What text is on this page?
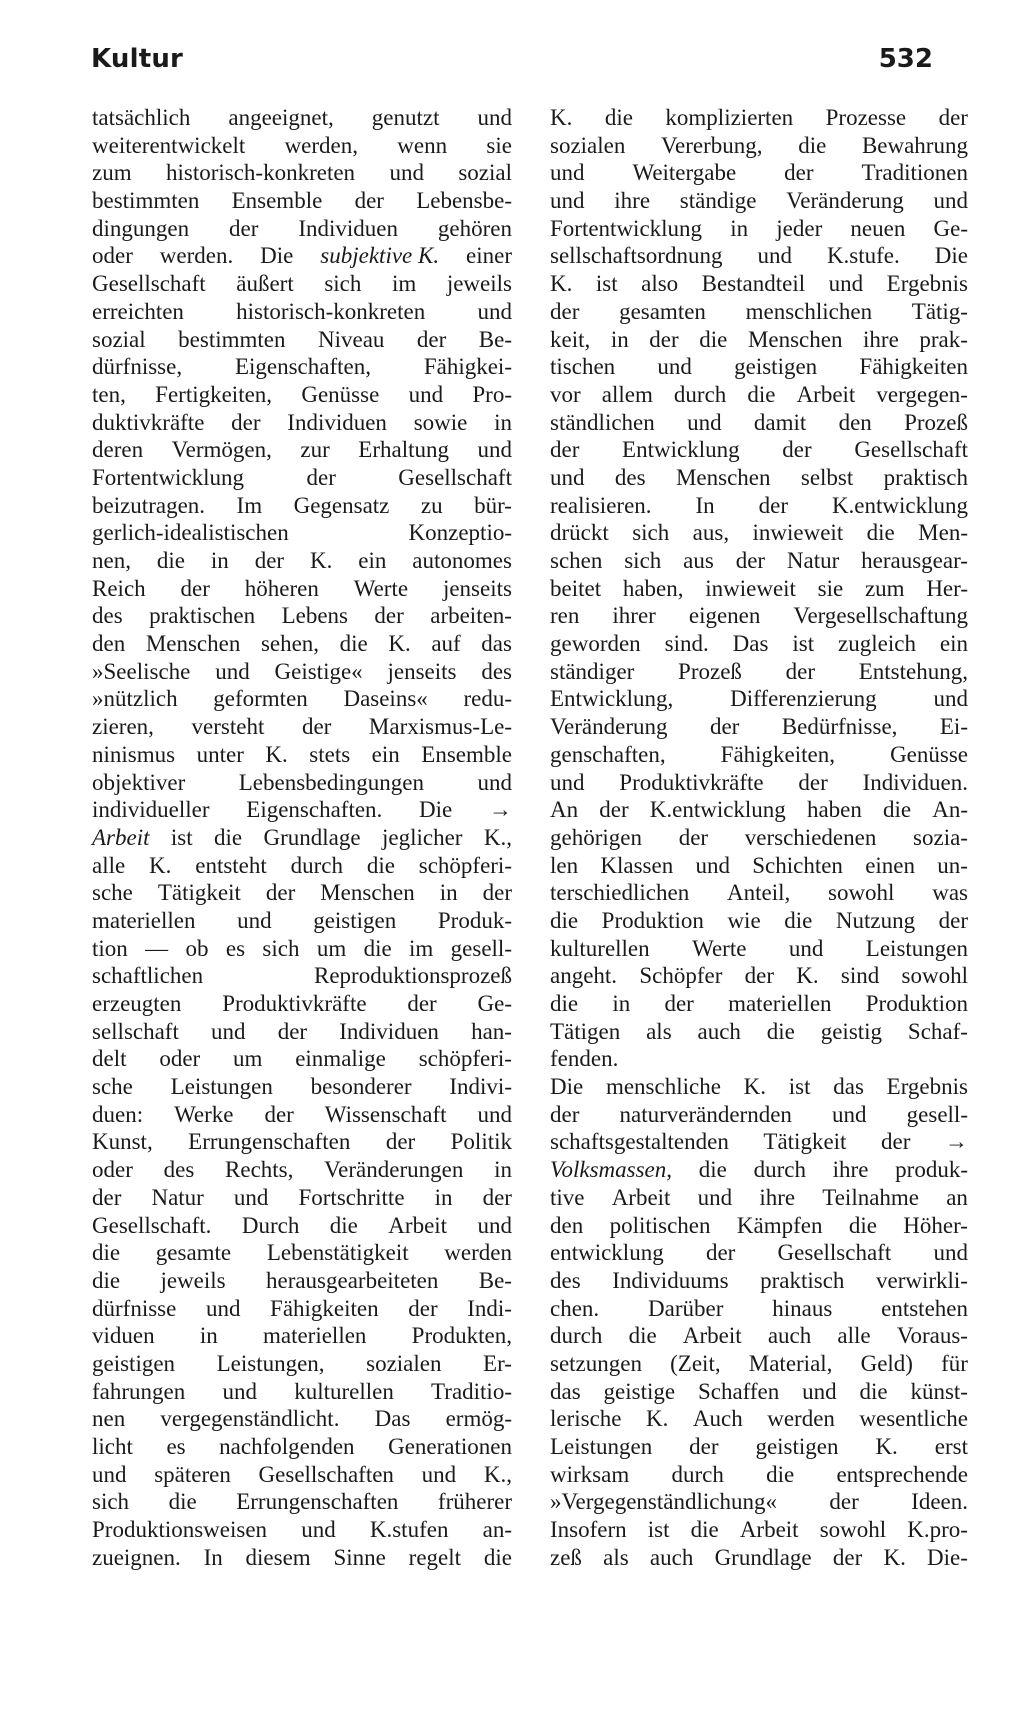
Kultur	532
tatsächlich angeeignet, genutzt und
weiterentwickelt werden, wenn sie
zum historisch-konkreten und sozial
bestimmten Ensemble der Lebensbe-
dingungen der Individuen gehören
oder werden. Die subjektive K. einer
Gesellschaft äußert sich im jeweils
erreichten historisch-konkreten und
sozial bestimmten Niveau der Be-
dürfnisse, Eigenschaften, Fähigkei-
ten, Fertigkeiten, Genüsse und Pro-
duktivkräfte der Individuen sowie in
deren Vermögen, zur Erhaltung und
Fortentwicklung	der	Gesellschaft
beizutragen. Im Gegensatz zu bür-
gerlich-idealistischen	Konzeptio-
nen, die in der K. ein autonomes
Reich der höheren Werte jenseits
des praktischen Lebens der arbeiten-
den Menschen sehen, die K. auf das
»Seelische und Geistige« jenseits des
»nützlich geformten Daseins« redu-
zieren, versteht der Marxismus-Le-
ninismus unter K. stets ein Ensemble
objektiver Lebensbedingungen und
individueller Eigenschaften. Die →
Arbeit ist die Grundlage jeglicher K.,
alle K. entsteht durch die schöpferi-
sche Tätigkeit der Menschen in der
materiellen und geistigen Produk-
tion — ob es sich um die im gesell-
schaftlichen	Reproduktionsprozeß
erzeugten Produktivkräfte der Ge-
sellschaft und der Individuen han-
delt oder um einmalige schöpferi-
sche Leistungen besonderer Indivi-
duen: Werke der Wissenschaft und
Kunst, Errungenschaften der Politik
oder des Rechts, Veränderungen in
der Natur und Fortschritte in der
Gesellschaft. Durch die Arbeit und
die gesamte Lebenstätigkeit werden
die jeweils herausgearbeiteten Be-
dürfnisse und Fähigkeiten der Indi-
viduen in materiellen Produkten,
geistigen Leistungen, sozialen Er-
fahrungen und kulturellen Traditio-
nen vergegenständlicht. Das ermög-
licht es nachfolgenden Generationen
und späteren Gesellschaften und K.,
sich die Errungenschaften früherer
Produktionsweisen und K.stufen an-
zueignen. In diesem Sinne regelt die
K. die komplizierten Prozesse der
sozialen Vererbung, die Bewahrung
und Weitergabe der Traditionen
und ihre ständige Veränderung und
Fortentwicklung in jeder neuen Ge-
sellschaftsordnung und K.stufe. Die
K. ist also Bestandteil und Ergebnis
der gesamten menschlichen Tätig-
keit, in der die Menschen ihre prak-
tischen und geistigen Fähigkeiten
vor allem durch die Arbeit vergegen-
ständlichen und damit den Prozeß
der Entwicklung der Gesellschaft
und des Menschen selbst praktisch
realisieren. In der K.entwicklung
drückt sich aus, inwieweit die Men-
schen sich aus der Natur herausgear-
beitet haben, inwieweit sie zum Her-
ren ihrer eigenen Vergesellschaftung
geworden sind. Das ist zugleich ein
ständiger Prozeß der Entstehung,
Entwicklung, Differenzierung und
Veränderung der Bedürfnisse, Ei-
genschaften, Fähigkeiten, Genüsse
und Produktivkräfte der Individuen.
An der K.entwicklung haben die An-
gehörigen der verschiedenen sozia-
len Klassen und Schichten einen un-
terschiedlichen Anteil, sowohl was
die Produktion wie die Nutzung der
kulturellen Werte und Leistungen
angeht. Schöpfer der K. sind sowohl
die in der materiellen Produktion
Tätigen als auch die geistig Schaf-
fenden.
Die menschliche K. ist das Ergebnis
der naturverändernden und gesell-
schaftsgestaltenden Tätigkeit der →
Volksmassen, die durch ihre produk-
tive Arbeit und ihre Teilnahme an
den politischen Kämpfen die Höher-
entwicklung der Gesellschaft und
des Individuums praktisch verwirkli-
chen. Darüber hinaus entstehen
durch die Arbeit auch alle Voraus-
setzungen (Zeit, Material, Geld) für
das geistige Schaffen und die künst-
lerische K. Auch werden wesentliche
Leistungen der geistigen K. erst
wirksam durch die entsprechende
»Vergegenständlichung« der Ideen.
Insofern ist die Arbeit sowohl K.pro-
zeß als auch Grundlage der K. Die-
